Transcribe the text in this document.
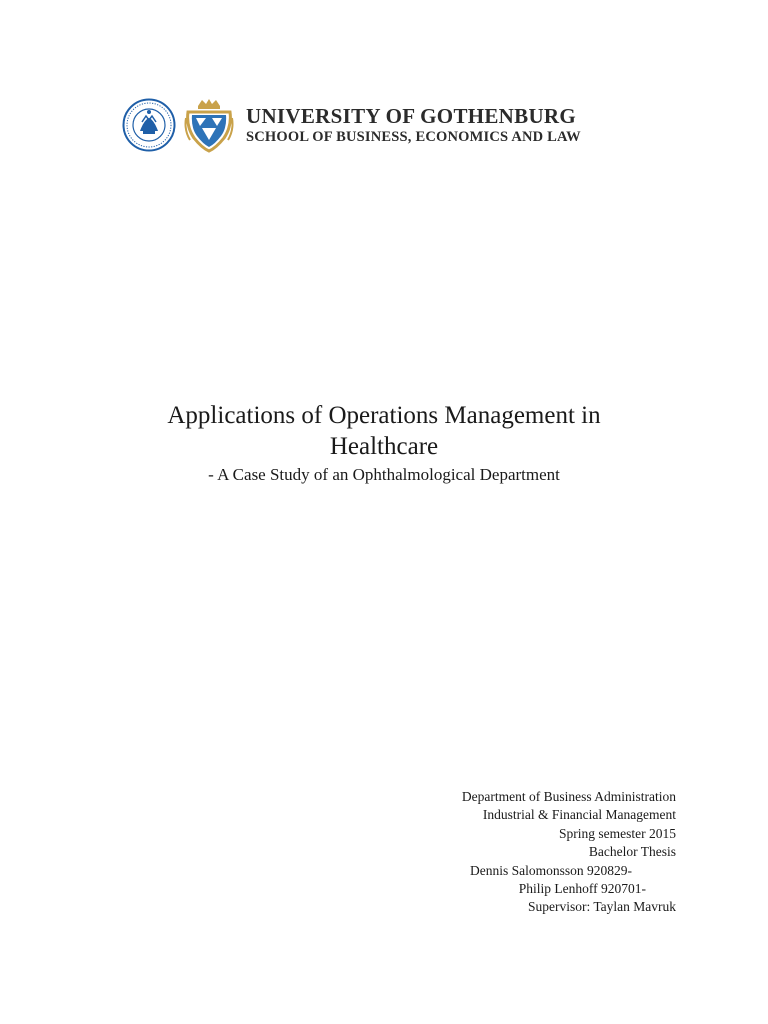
UNIVERSITY OF GOTHENBURG
SCHOOL OF BUSINESS, ECONOMICS AND LAW
Applications of Operations Management in
Healthcare
- A Case Study of an Ophthalmological Department
Department of Business Administration
Industrial & Financial Management
Spring semester 2015
Bachelor Thesis
Dennis Salomonsson 920829-
Philip Lenhoff 920701-
Supervisor: Taylan Mavruk
